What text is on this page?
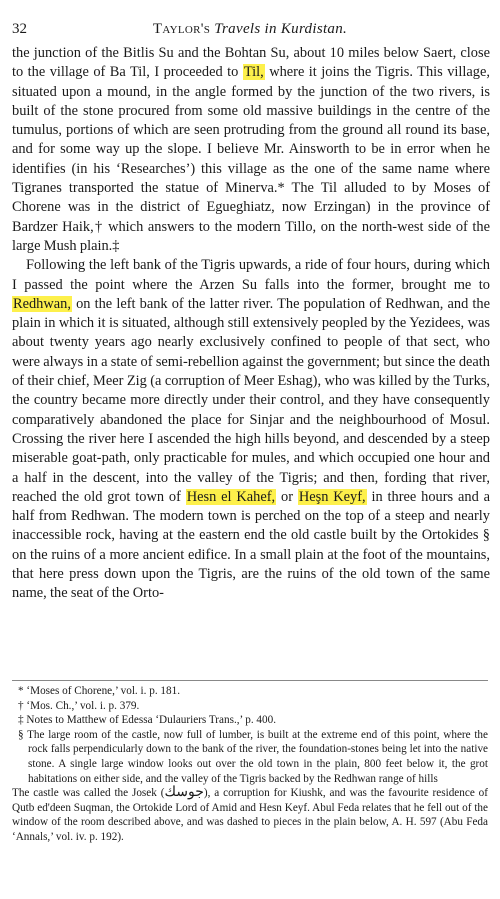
32	Taylor's Travels in Kurdistan.

the junction of the Bitlis Su and the Bohtan Su, about 10 miles below Saert, close to the village of Ba Til, I proceeded to Til, where it joins the Tigris. This village, situated upon a mound, in the angle formed by the junction of the two rivers, is built of the stone procured from some old massive buildings in the centre of the tumulus, portions of which are seen protruding from the ground all round its base, and for some way up the slope. I believe Mr. Ainsworth to be in error when he identifies (in his ‘Researches’) this village as the one of the same name where Tigranes transported the statue of Minerva.* The Til alluded to by Moses of Chorene was in the district of Egueghiatz, now Erzingan) in the province of Bardzer Haik,† which answers to the modern Tillo, on the north-west side of the large Mush plain.‡

Following the left bank of the Tigris upwards, a ride of four hours, during which I passed the point where the Arzen Su falls into the former, brought me to Redhwan, on the left bank of the latter river. The population of Redhwan, and the plain in which it is situated, although still extensively peopled by the Yezidees, was about twenty years ago nearly exclusively confined to people of that sect, who were always in a state of semi-rebellion against the government; but since the death of their chief, Meer Zig (a corruption of Meer Eshag), who was killed by the Turks, the country became more directly under their control, and they have consequently comparatively abandoned the place for Sinjar and the neighbourhood of Mosul. Crossing the river here I ascended the high hills beyond, and descended by a steep miserable goat-path, only practicable for mules, and which occupied one hour and a half in the descent, into the valley of the Tigris; and then, fording that river, reached the old grot town of Hesn el Kahef, or Heşn Keyf, in three hours and a half from Redhwan. The modern town is perched on the top of a steep and nearly inaccessible rock, having at the eastern end the old castle built by the Ortokides § on the ruins of a more ancient edifice. In a small plain at the foot of the mountains, that here press down upon the Tigris, are the ruins of the old town of the same name, the seat of the Orto-

* ‘Moses of Chorene,’ vol. i. p. 181.

† ‘Mos. Ch.,’ vol. i. p. 379.

‡ Notes to Matthew of Edessa ‘Dulauriers Trans.,’ p. 400.

§ The large room of the castle, now full of lumber, is built at the extreme end of this point, where the rock falls perpendicularly down to the bank of the river, the foundation-stones being let into the native stone. A single large window looks out over the old town in the plain, 800 feet below it, the grot habitations on either side, and the valley of the Tigris backed by the Redhwan range of hills

The castle was called the Josek (جوسك), a corruption for Kiushk, and was the favourite residence of Qutb ed'deen Suqman, the Ortokide Lord of Amid and Hesn Keyf. Abul Feda relates that he fell out of the window of the room described above, and was dashed to pieces in the plain below, A. H. 597 (Abu Feda ‘Annals,’ vol. iv. p. 192).
